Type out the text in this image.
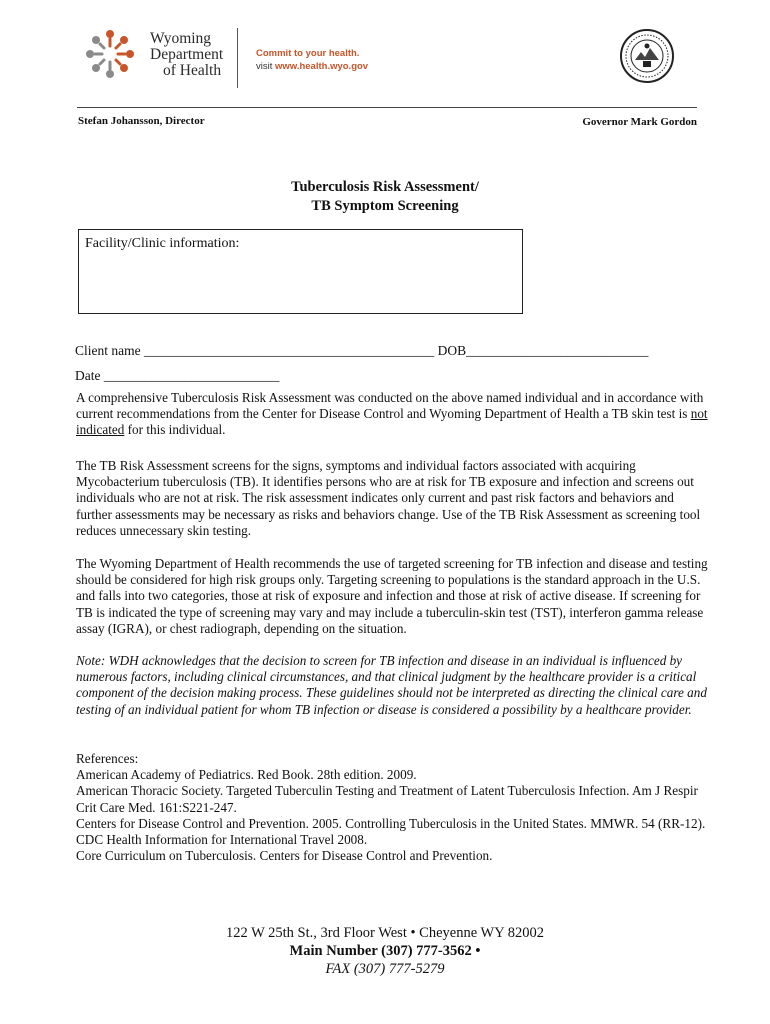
Wyoming
Department
of Health
Commit to your health.
visit www.health.wyo.gov
Stefan Johansson, Director	Governor Mark Gordon
Tuberculosis Risk Assessment/
TB Symptom Screening
Facility/Clinic information:
Client name ___________________________________________ DOB___________________________
Date __________________________
A comprehensive Tuberculosis Risk Assessment was conducted on the above named individual and in accordance with current recommendations from the Center for Disease Control and Wyoming Department of Health a TB skin test is not indicated for this individual.
The TB Risk Assessment screens for the signs, symptoms and individual factors associated with acquiring Mycobacterium tuberculosis (TB). It identifies persons who are at risk for TB exposure and infection and screens out individuals who are not at risk. The risk assessment indicates only current and past risk factors and behaviors and further assessments may be necessary as risks and behaviors change. Use of the TB Risk Assessment as screening tool reduces unnecessary skin testing.
The Wyoming Department of Health recommends the use of targeted screening for TB infection and disease and testing should be considered for high risk groups only. Targeting screening to populations is the standard approach in the U.S. and falls into two categories, those at risk of exposure and infection and those at risk of active disease. If screening for TB is indicated the type of screening may vary and may include a tuberculin-skin test (TST), interferon gamma release assay (IGRA), or chest radiograph, depending on the situation.
Note: WDH acknowledges that the decision to screen for TB infection and disease in an individual is influenced by numerous factors, including clinical circumstances, and that clinical judgment by the healthcare provider is a critical component of the decision making process. These guidelines should not be interpreted as directing the clinical care and testing of an individual patient for whom TB infection or disease is considered a possibility by a healthcare provider.
References:
American Academy of Pediatrics. Red Book. 28th edition. 2009.
American Thoracic Society. Targeted Tuberculin Testing and Treatment of Latent Tuberculosis Infection. Am J Respir Crit Care Med. 161:S221-247.
Centers for Disease Control and Prevention. 2005. Controlling Tuberculosis in the United States. MMWR. 54 (RR-12).
CDC Health Information for International Travel 2008.
Core Curriculum on Tuberculosis. Centers for Disease Control and Prevention.
122 W 25th St., 3rd Floor West • Cheyenne WY 82002
Main Number (307) 777-3562 •
FAX (307) 777-5279
